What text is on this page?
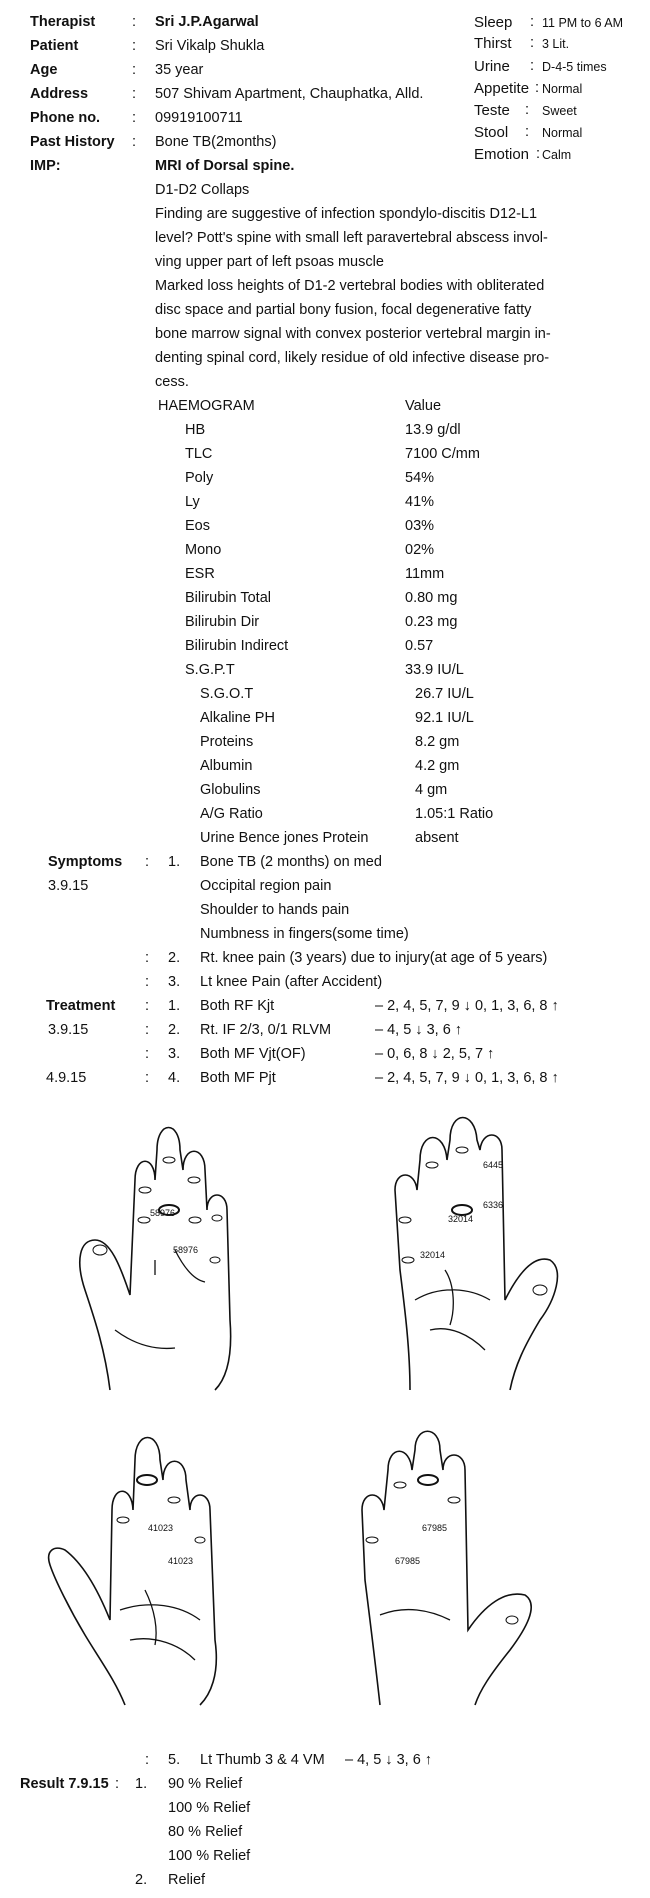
Therapist	: Sri J.P.Agarwal
Patient	: Sri Vikalp Shukla
Age	: 35 year
Address	: 507 Shivam Apartment, Chauphatka, Alld.
Phone no. : 09919100711
Past History : Bone TB(2months)
IMP:	MRI of Dorsal spine.
Sleep : 11 PM to 6 AM
Thirst : 3 Lit.
Urine : D-4-5 times
Appetite : Normal
Teste : Sweet
Stool : Normal
Emotion : Calm
D1-D2 Collaps
Finding are suggestive of infection spondylo-discitis D12-L1
level? Pott's spine with small left paravertebral abscess invol-
ving upper part of left psoas muscle
Marked loss heights of D1-2 vertebral bodies with obliterated
disc space and partial bony fusion, focal degenerative fatty
bone marrow signal with convex posterior vertebral margin in-
denting spinal cord, likely residue of old infective disease pro-
cess.
HAEMOGRAM	Value
HB	13.9 g/dl
TLC	7100 C/mm
Poly	54%
Ly	41%
Eos	03%
Mono	02%
ESR	11mm
Bilirubin Total	0.80 mg
Bilirubin Dir	0.23 mg
Bilirubin Indirect	0.57
S.G.P.T	33.9 IU/L
S.G.O.T	26.7 IU/L
Alkaline PH	92.1 IU/L
Proteins	8.2 gm
Albumin	4.2 gm
Globulins	4 gm
A/G Ratio	1.05:1 Ratio
Urine Bence jones Protein	absent
Symptoms : 1. Bone TB (2 months) on med
3.9.15	Occipital region pain
Shoulder to hands pain
Numbness in fingers(some time)
: 2. Rt. knee pain (3 years) due to injury(at age of 5 years)
: 3. Lt knee Pain (after Accident)
Treatment : 1. Both RF Kjt	– 2, 4, 5, 7, 9 ↓ 0, 1, 3, 6, 8 ↑
3.9.15	: 2. Rt. IF 2/3, 0/1 RLVM	– 4, 5 ↓ 3, 6 ↑
: 3. Both MF Vjt(OF)	– 0, 6, 8 ↓ 2, 5, 7 ↑
4.9.15	: 4. Both MF Pjt	– 2, 4, 5, 7, 9 ↓ 0, 1, 3, 6, 8 ↑
58976
58976
32014
32014
6445
6336
41023
41023
67985
67985
: 5. Lt Thumb 3 & 4 VM – 4, 5 ↓ 3, 6 ↑
Result 7.9.15 : 1. 90 % Relief
100 % Relief
80 % Relief
100 % Relief
2. Relief
